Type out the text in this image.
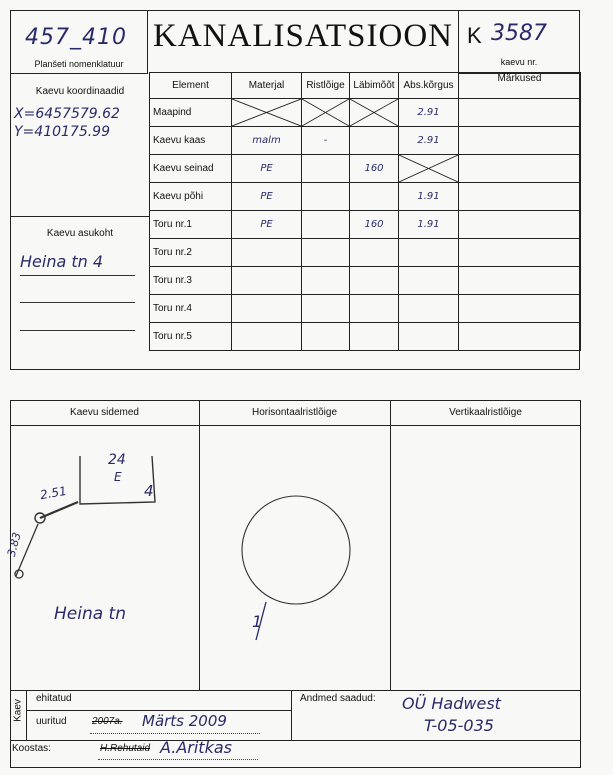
457_410
Planšeti nomenklatuur
KANALISATSIOON K 3587
kaevu nr.
Kaevu koordinaadid
X=6457579.62
Y=410175.99
Kaevu asukoht
Heina tn 4
Element	Materjal	Ristlõige	Läbimõõt	Abs.kõrgus	Märkused
Maapind				2.91	
Kaevu kaas	malm	-		2.91	
Kaevu seinad	PE		160	

Kaevu põhi	PE			1.91	
Toru nr.1	PE		160	1.91	
Toru nr.2					
Toru nr.3					
Toru nr.4					
Toru nr.5					
Kaevu sidemed	Horisontaalristlõige	Vertikaalristlõige
24
E
4
2.51
3.83
Heina tn	1
Kaev
ehitatud
uuritud	2007a. Märts 2009
Andmed saadud: OÜ Hadwest
T-05-035
Koostas:	H.Rehutaid A.Aritkas
